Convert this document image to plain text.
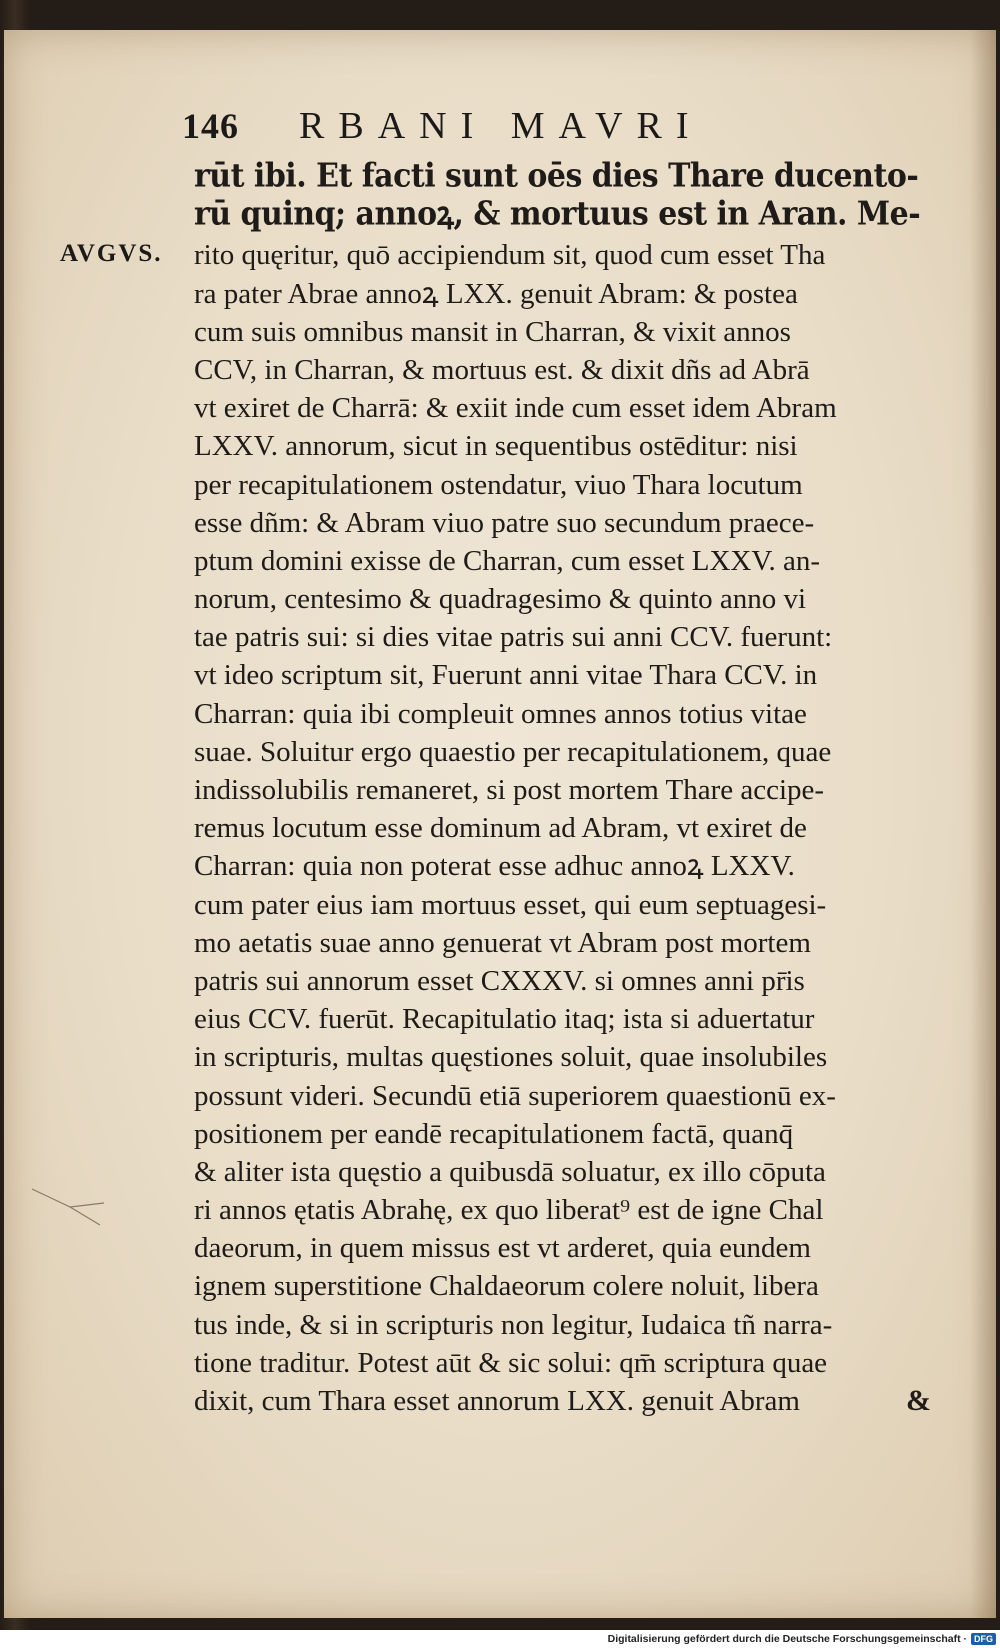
146 RBANI MAVRI
AVGVS.
rūt ibi. Et facti sunt oēs dies Thare ducento-
rū quinq; annoꝝ, & mortuus est in Aran. Me-
rito quęritur, quō accipiendum sit, quod cum esset Tha
ra pater Abrae annoꝝ LXX. genuit Abram: & postea
cum suis omnibus mansit in Charran, & vixit annos
CCV, in Charran, & mortuus est. & dixit dñs ad Abrā
vt exiret de Charrā: & exiit inde cum esset idem Abram
LXXV. annorum, sicut in sequentibus ostēditur: nisi
per recapitulationem ostendatur, viuo Thara locutum
esse dñm: & Abram viuo patre suo secundum praece-
ptum domini exisse de Charran, cum esset LXXV. an-
norum, centesimo & quadragesimo & quinto anno vi
tae patris sui: si dies vitae patris sui anni CCV. fuerunt:
vt ideo scriptum sit, Fuerunt anni vitae Thara CCV. in
Charran: quia ibi compleuit omnes annos totius vitae
suae. Soluitur ergo quaestio per recapitulationem, quae
indissolubilis remaneret, si post mortem Thare accipe-
remus locutum esse dominum ad Abram, vt exiret de
Charran: quia non poterat esse adhuc annoꝝ LXXV.
cum pater eius iam mortuus esset, qui eum septuagesi-
mo aetatis suae anno genuerat vt Abram post mortem
patris sui annorum esset CXXXV. si omnes anni pr̄is
eius CCV. fuerūt. Recapitulatio itaq; ista si aduertatur
in scripturis, multas quęstiones soluit, quae insolubiles
possunt videri. Secundū etiā superiorem quaestionū ex-
positionem per eandē recapitulationem factā, quanq̄
& aliter ista quęstio a quibusdā soluatur, ex illo cōputa
ri annos ętatis Abrahę, ex quo liberat⁹ est de igne Chal
daeorum, in quem missus est vt arderet, quia eundem
ignem superstitione Chaldaeorum colere noluit, libera
tus inde, & si in scripturis non legitur, Iudaica tñ narra-
tione traditur. Potest aūt & sic solui: qm̄ scriptura quae
dixit, cum Thara esset annorum LXX. genuit Abram	&
Digitalisierung gefördert durch die Deutsche Forschungsgemeinschaft · DFG
